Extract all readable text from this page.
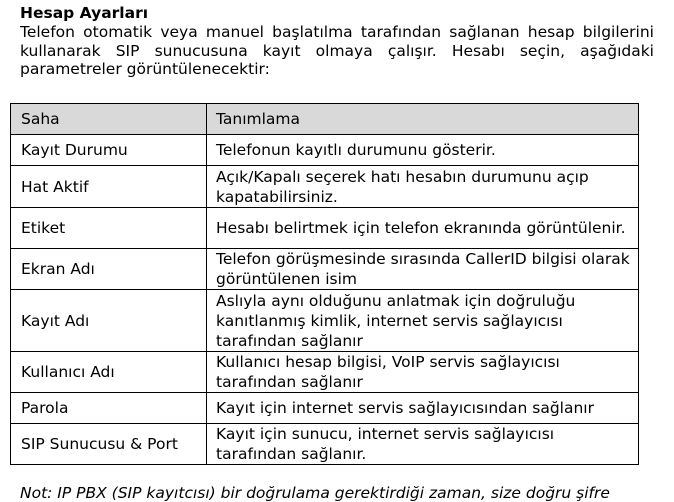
Hesap Ayarları

Telefon otomatik veya manuel başlatılma tarafından sağlanan hesap bilgilerini kullanarak SIP sunucusuna kayıt olmaya çalışır. Hesabı seçin, aşağıdaki parametreler görüntülenecektir:

Saha	Tanımlama
Kayıt Durumu	Telefonun kayıtlı durumunu gösterir.
Hat Aktif	Açık/Kapalı seçerek hatı hesabın durumunu açıp kapatabilirsiniz.
Etiket	Hesabı belirtmek için telefon ekranında görüntülenir.
Ekran Adı	Telefon görüşmesinde sırasında CallerID bilgisi olarak görüntülenen isim
Kayıt Adı	Aslıyla aynı olduğunu anlatmak için doğruluğu kanıtlanmış kimlik, internet servis sağlayıcısı tarafından sağlanır
Kullanıcı Adı	Kullanıcı hesap bilgisi, VoIP servis sağlayıcısı tarafından sağlanır
Parola	Kayıt için internet servis sağlayıcısından sağlanır
SIP Sunucusu & Port	Kayıt için sunucu, internet servis sağlayıcısı tarafından sağlanır.

Not: IP PBX (SIP kayıtcısı) bir doğrulama gerektirdiği zaman, size doğru şifre
